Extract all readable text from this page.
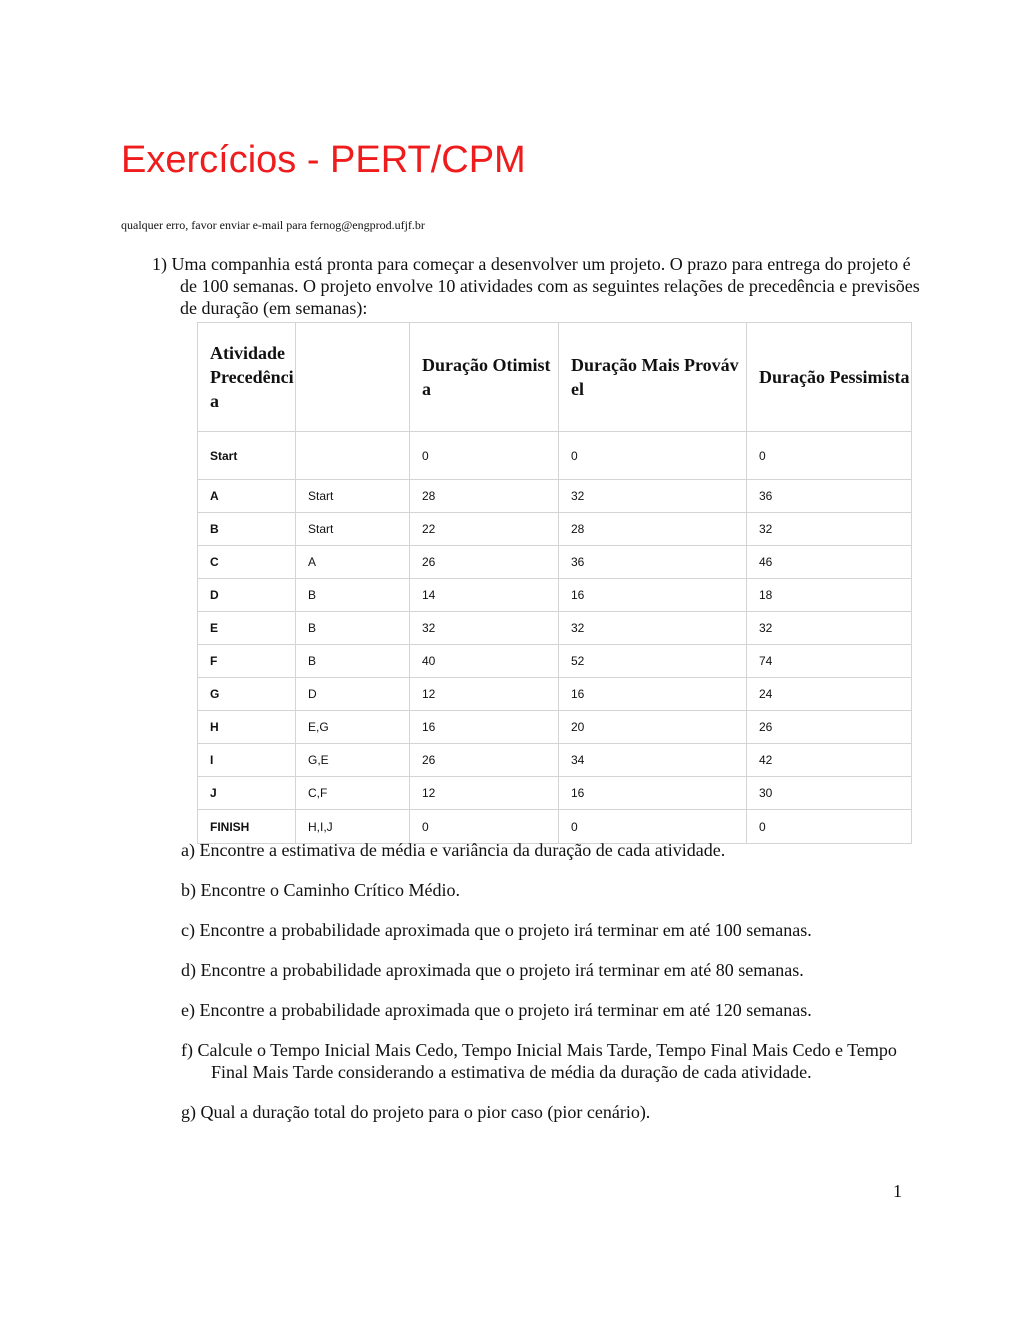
Exercícios - PERT/CPM
qualquer erro, favor enviar e-mail para fernog@engprod.ufjf.br

1) Uma companhia está pronta para começar a desenvolver um projeto. O prazo para entrega do projeto é de 100 semanas. O projeto envolve 10 atividades com as seguintes relações de precedência e previsões de duração (em semanas):

Atividade Precedência		Duração Otimista	Duração Mais Provável	Duração Pessimista
Start		0	0	0
A	Start	28	32	36
B	Start	22	28	32
C	A	26	36	46
D	B	14	16	18
E	B	32	32	32
F	B	40	52	74
G	D	12	16	24
H	E,G	16	20	26
I	G,E	26	34	42
J	C,F	12	16	30
FINISH	H,I,J	0	0	0

a) Encontre a estimativa de média e variância da duração de cada atividade.

b) Encontre o Caminho Crítico Médio.

c) Encontre a probabilidade aproximada que o projeto irá terminar em até 100 semanas.

d) Encontre a probabilidade aproximada que o projeto irá terminar em até 80 semanas.

e) Encontre a probabilidade aproximada que o projeto irá terminar em até 120 semanas.

f) Calcule o Tempo Inicial Mais Cedo, Tempo Inicial Mais Tarde, Tempo Final Mais Cedo e Tempo Final Mais Tarde considerando a estimativa de média da duração de cada atividade.

g) Qual a duração total do projeto para o pior caso (pior cenário).

1
